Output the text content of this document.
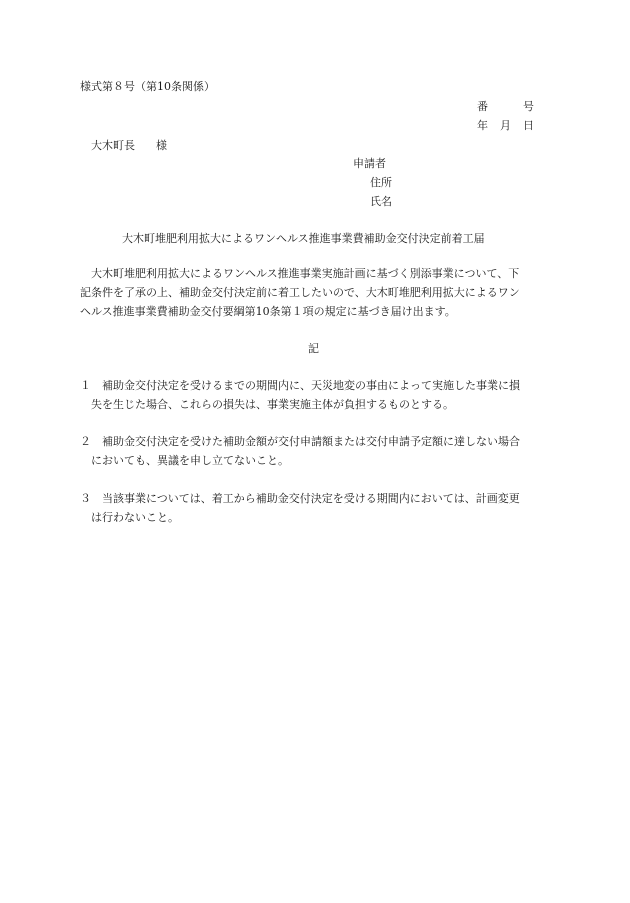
様式第８号（第10条関係）
番	号
年 月 日
大木町長 様
申請者
住所
氏名
大木町堆肥利用拡大によるワンヘルス推進事業費補助金交付決定前着工届
大木町堆肥利用拡大によるワンヘルス推進事業実施計画に基づく別添事業について、下
記条件を了承の上、補助金交付決定前に着工したいので、大木町堆肥利用拡大によるワン
ヘルス推進事業費補助金交付要綱第10条第１項の規定に基づき届け出ます。
記
１ 補助金交付決定を受けるまでの期間内に、天災地変の事由によって実施した事業に損
失を生じた場合、これらの損失は、事業実施主体が負担するものとする。
２ 補助金交付決定を受けた補助金額が交付申請額または交付申請予定額に達しない場合
においても、異議を申し立てないこと。
３ 当該事業については、着工から補助金交付決定を受ける期間内においては、計画変更
は行わないこと。
